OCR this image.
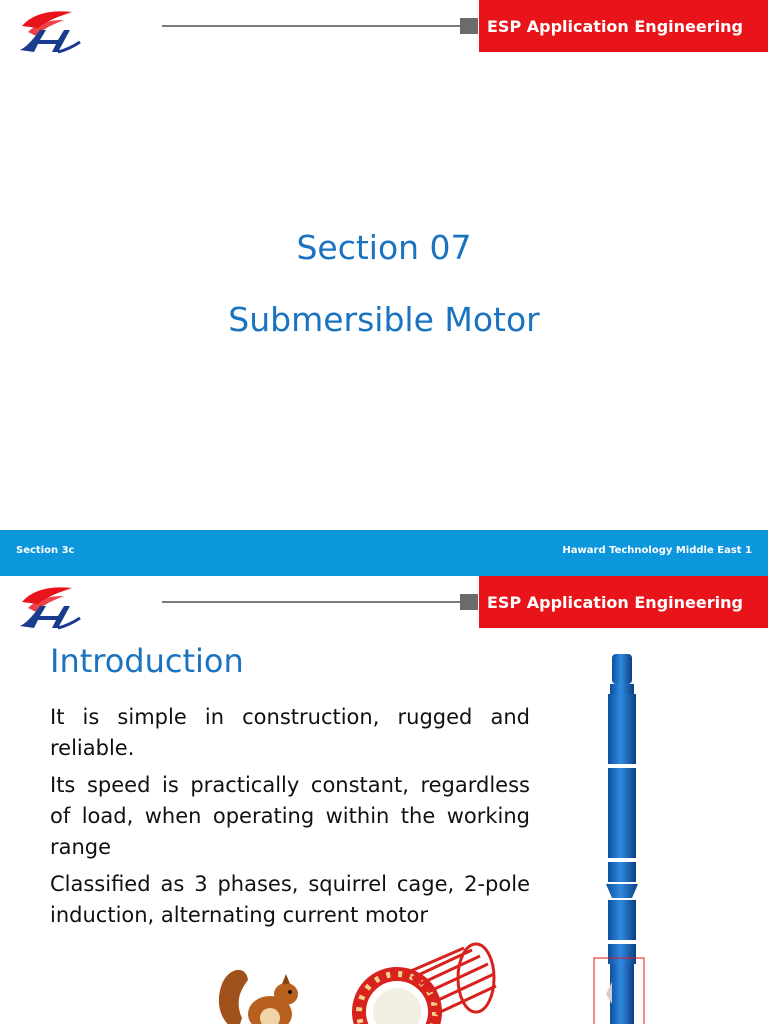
ESP Application Engineering
Section 07
Submersible Motor
Section 3c	Haward Technology Middle East 1
ESP Application Engineering
Introduction

It is simple in construction, rugged and reliable.

Its speed is practically constant, regardless of load, when operating within the working range

Classified as 3 phases, squirrel cage, 2-pole induction, alternating current motor
